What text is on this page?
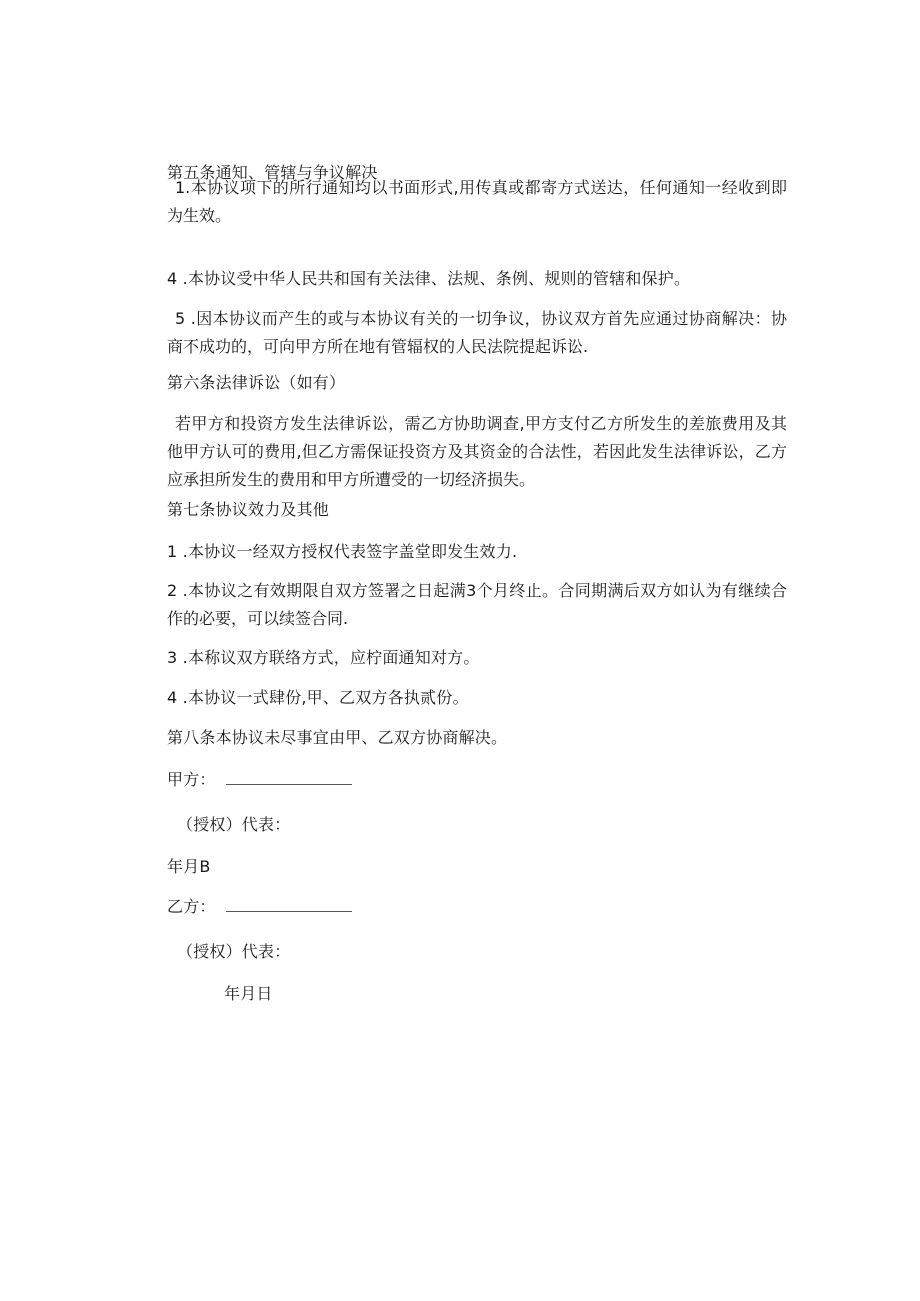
第五条通知、管辖与争议解决
1.本协议项下的所行通知均以书面形式,用传真或都寄方式送达，任何通知一经收到即为生效。
4 .本协议受中华人民共和国有关法律、法规、条例、规则的管辖和保护。
5 .因本协议而产生的或与本协议有关的一切争议，协议双方首先应通过协商解决：协商不成功的，可向甲方所在地有管辐权的人民法院提起诉讼.
第六条法律诉讼（如有）
若甲方和投资方发生法律诉讼，需乙方协助调查,甲方支付乙方所发生的差旅费用及其他甲方认可的费用,但乙方需保证投资方及其资金的合法性，若因此发生法律诉讼，乙方应承担所发生的费用和甲方所遭受的一切经济损失。
第七条协议效力及其他
1 .本协议一经双方授权代表签字盖堂即发生效力.
2 .本协议之有效期限自双方签署之日起满3个月终止。合同期满后双方如认为有继续合作的必要，可以续签合同.
3 .本称议双方联络方式，应柠面通知对方。
4 .本协议一式肆份,甲、乙双方各执贰份。
第八条本协议未尽事宜由甲、乙双方协商解决。
甲方：
（授权）代表：
年月B
乙方：
（授权）代表：
年月日
